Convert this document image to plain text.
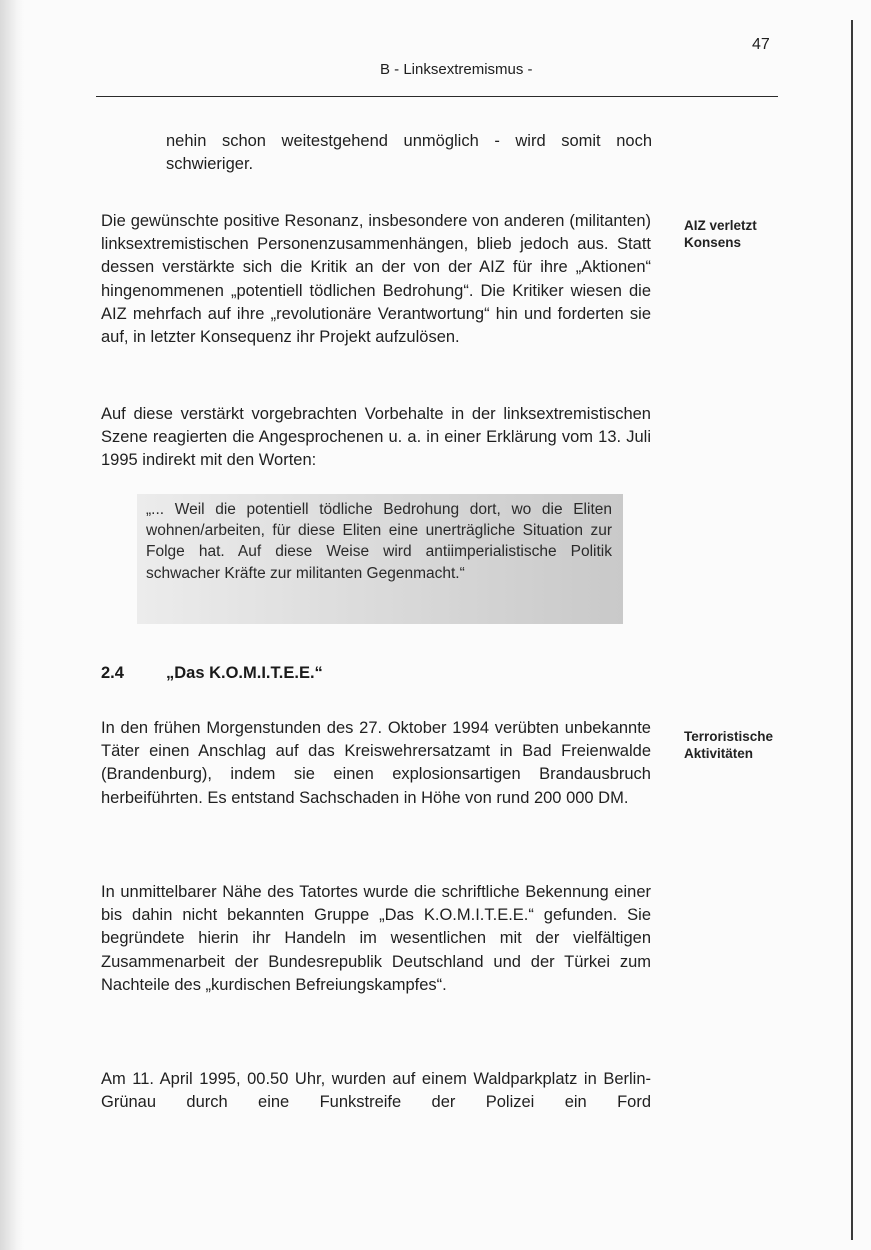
47
B - Linksextremismus -
nehin schon weitestgehend unmöglich - wird somit noch schwieriger.
Die gewünschte positive Resonanz, insbesondere von anderen (militanten) linksextremistischen Personenzusammenhängen, blieb jedoch aus. Statt dessen verstärkte sich die Kritik an der von der AIZ für ihre „Aktionen“ hingenommenen „potentiell tödlichen Bedrohung“. Die Kritiker wiesen die AIZ mehrfach auf ihre „revolutionäre Verantwortung“ hin und forderten sie auf, in letzter Konsequenz ihr Projekt aufzulösen.
Auf diese verstärkt vorgebrachten Vorbehalte in der linksextremistischen Szene reagierten die Angesprochenen u. a. in einer Erklärung vom 13. Juli 1995 indirekt mit den Worten:
AIZ verletzt
Konsens
„... Weil die potentiell tödliche Bedrohung dort, wo die Eliten wohnen/arbeiten, für diese Eliten eine unerträgliche Situation zur Folge hat. Auf diese Weise wird antiimperialistische Politik schwacher Kräfte zur militanten Gegenmacht.“
2.4	„Das K.O.M.I.T.E.E.“
In den frühen Morgenstunden des 27. Oktober 1994 verübten unbekannte Täter einen Anschlag auf das Kreiswehrersatzamt in Bad Freienwalde (Brandenburg), indem sie einen explosionsartigen Brandausbruch herbeiführten. Es entstand Sachschaden in Höhe von rund 200 000 DM.
Terroristische
Aktivitäten
In unmittelbarer Nähe des Tatortes wurde die schriftliche Bekennung einer bis dahin nicht bekannten Gruppe „Das K.O.M.I.T.E.E.“ gefunden. Sie begründete hierin ihr Handeln im wesentlichen mit der vielfältigen Zusammenarbeit der Bundesrepublik Deutschland und der Türkei zum Nachteile des „kurdischen Befreiungskampfes“.
Am 11. April 1995, 00.50 Uhr, wurden auf einem Waldparkplatz in Berlin-Grünau durch eine Funkstreife der Polizei ein Ford
